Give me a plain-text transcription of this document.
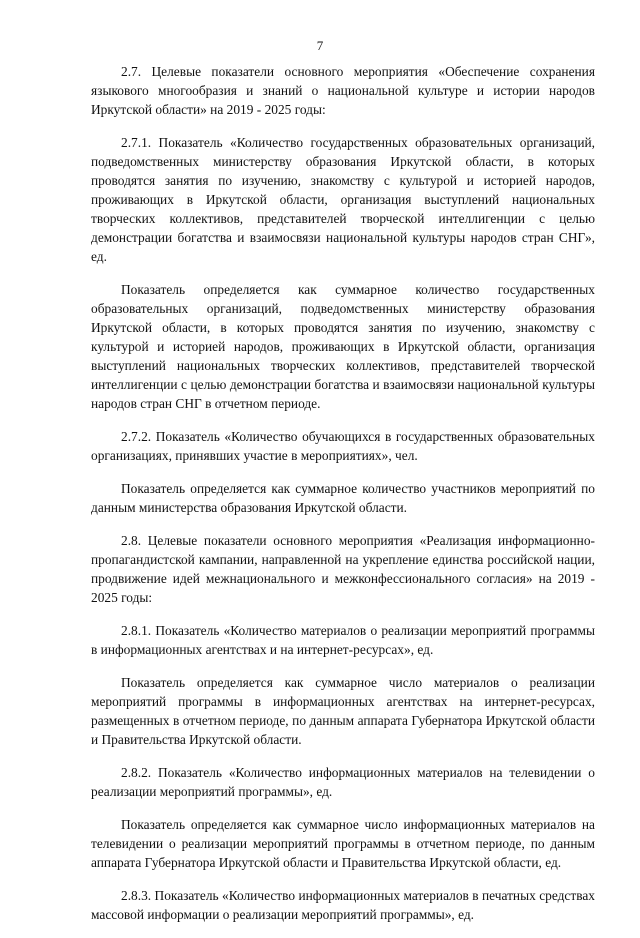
7

2.7. Целевые показатели основного мероприятия «Обеспечение сохранения языкового многообразия и знаний о национальной культуре и истории народов Иркутской области» на 2019 - 2025 годы:

2.7.1. Показатель «Количество государственных образовательных организаций, подведомственных министерству образования Иркутской области, в которых проводятся занятия по изучению, знакомству с культурой и историей народов, проживающих в Иркутской области, организация выступлений национальных творческих коллективов, представителей творческой интеллигенции с целью демонстрации богатства и взаимосвязи национальной культуры народов стран СНГ», ед.

Показатель определяется как суммарное количество государственных образовательных организаций, подведомственных министерству образования Иркутской области, в которых проводятся занятия по изучению, знакомству с культурой и историей народов, проживающих в Иркутской области, организация выступлений национальных творческих коллективов, представителей творческой интеллигенции с целью демонстрации богатства и взаимосвязи национальной культуры народов стран СНГ в отчетном периоде.

2.7.2. Показатель «Количество обучающихся в государственных образовательных организациях, принявших участие в мероприятиях», чел.

Показатель определяется как суммарное количество участников мероприятий по данным министерства образования Иркутской области.

2.8. Целевые показатели основного мероприятия «Реализация информационно-пропагандистской кампании, направленной на укрепление единства российской нации, продвижение идей межнационального и межконфессионального согласия» на 2019 - 2025 годы:

2.8.1. Показатель «Количество материалов о реализации мероприятий программы в информационных агентствах и на интернет-ресурсах», ед.

Показатель определяется как суммарное число материалов о реализации мероприятий программы в информационных агентствах на интернет-ресурсах, размещенных в отчетном периоде, по данным аппарата Губернатора Иркутской области и Правительства Иркутской области.

2.8.2. Показатель «Количество информационных материалов на телевидении о реализации мероприятий программы», ед.

Показатель определяется как суммарное число информационных материалов на телевидении о реализации мероприятий программы в отчетном периоде, по данным аппарата Губернатора Иркутской области и Правительства Иркутской области, ед.

2.8.3. Показатель «Количество информационных материалов в печатных средствах массовой информации о реализации мероприятий программы», ед.
